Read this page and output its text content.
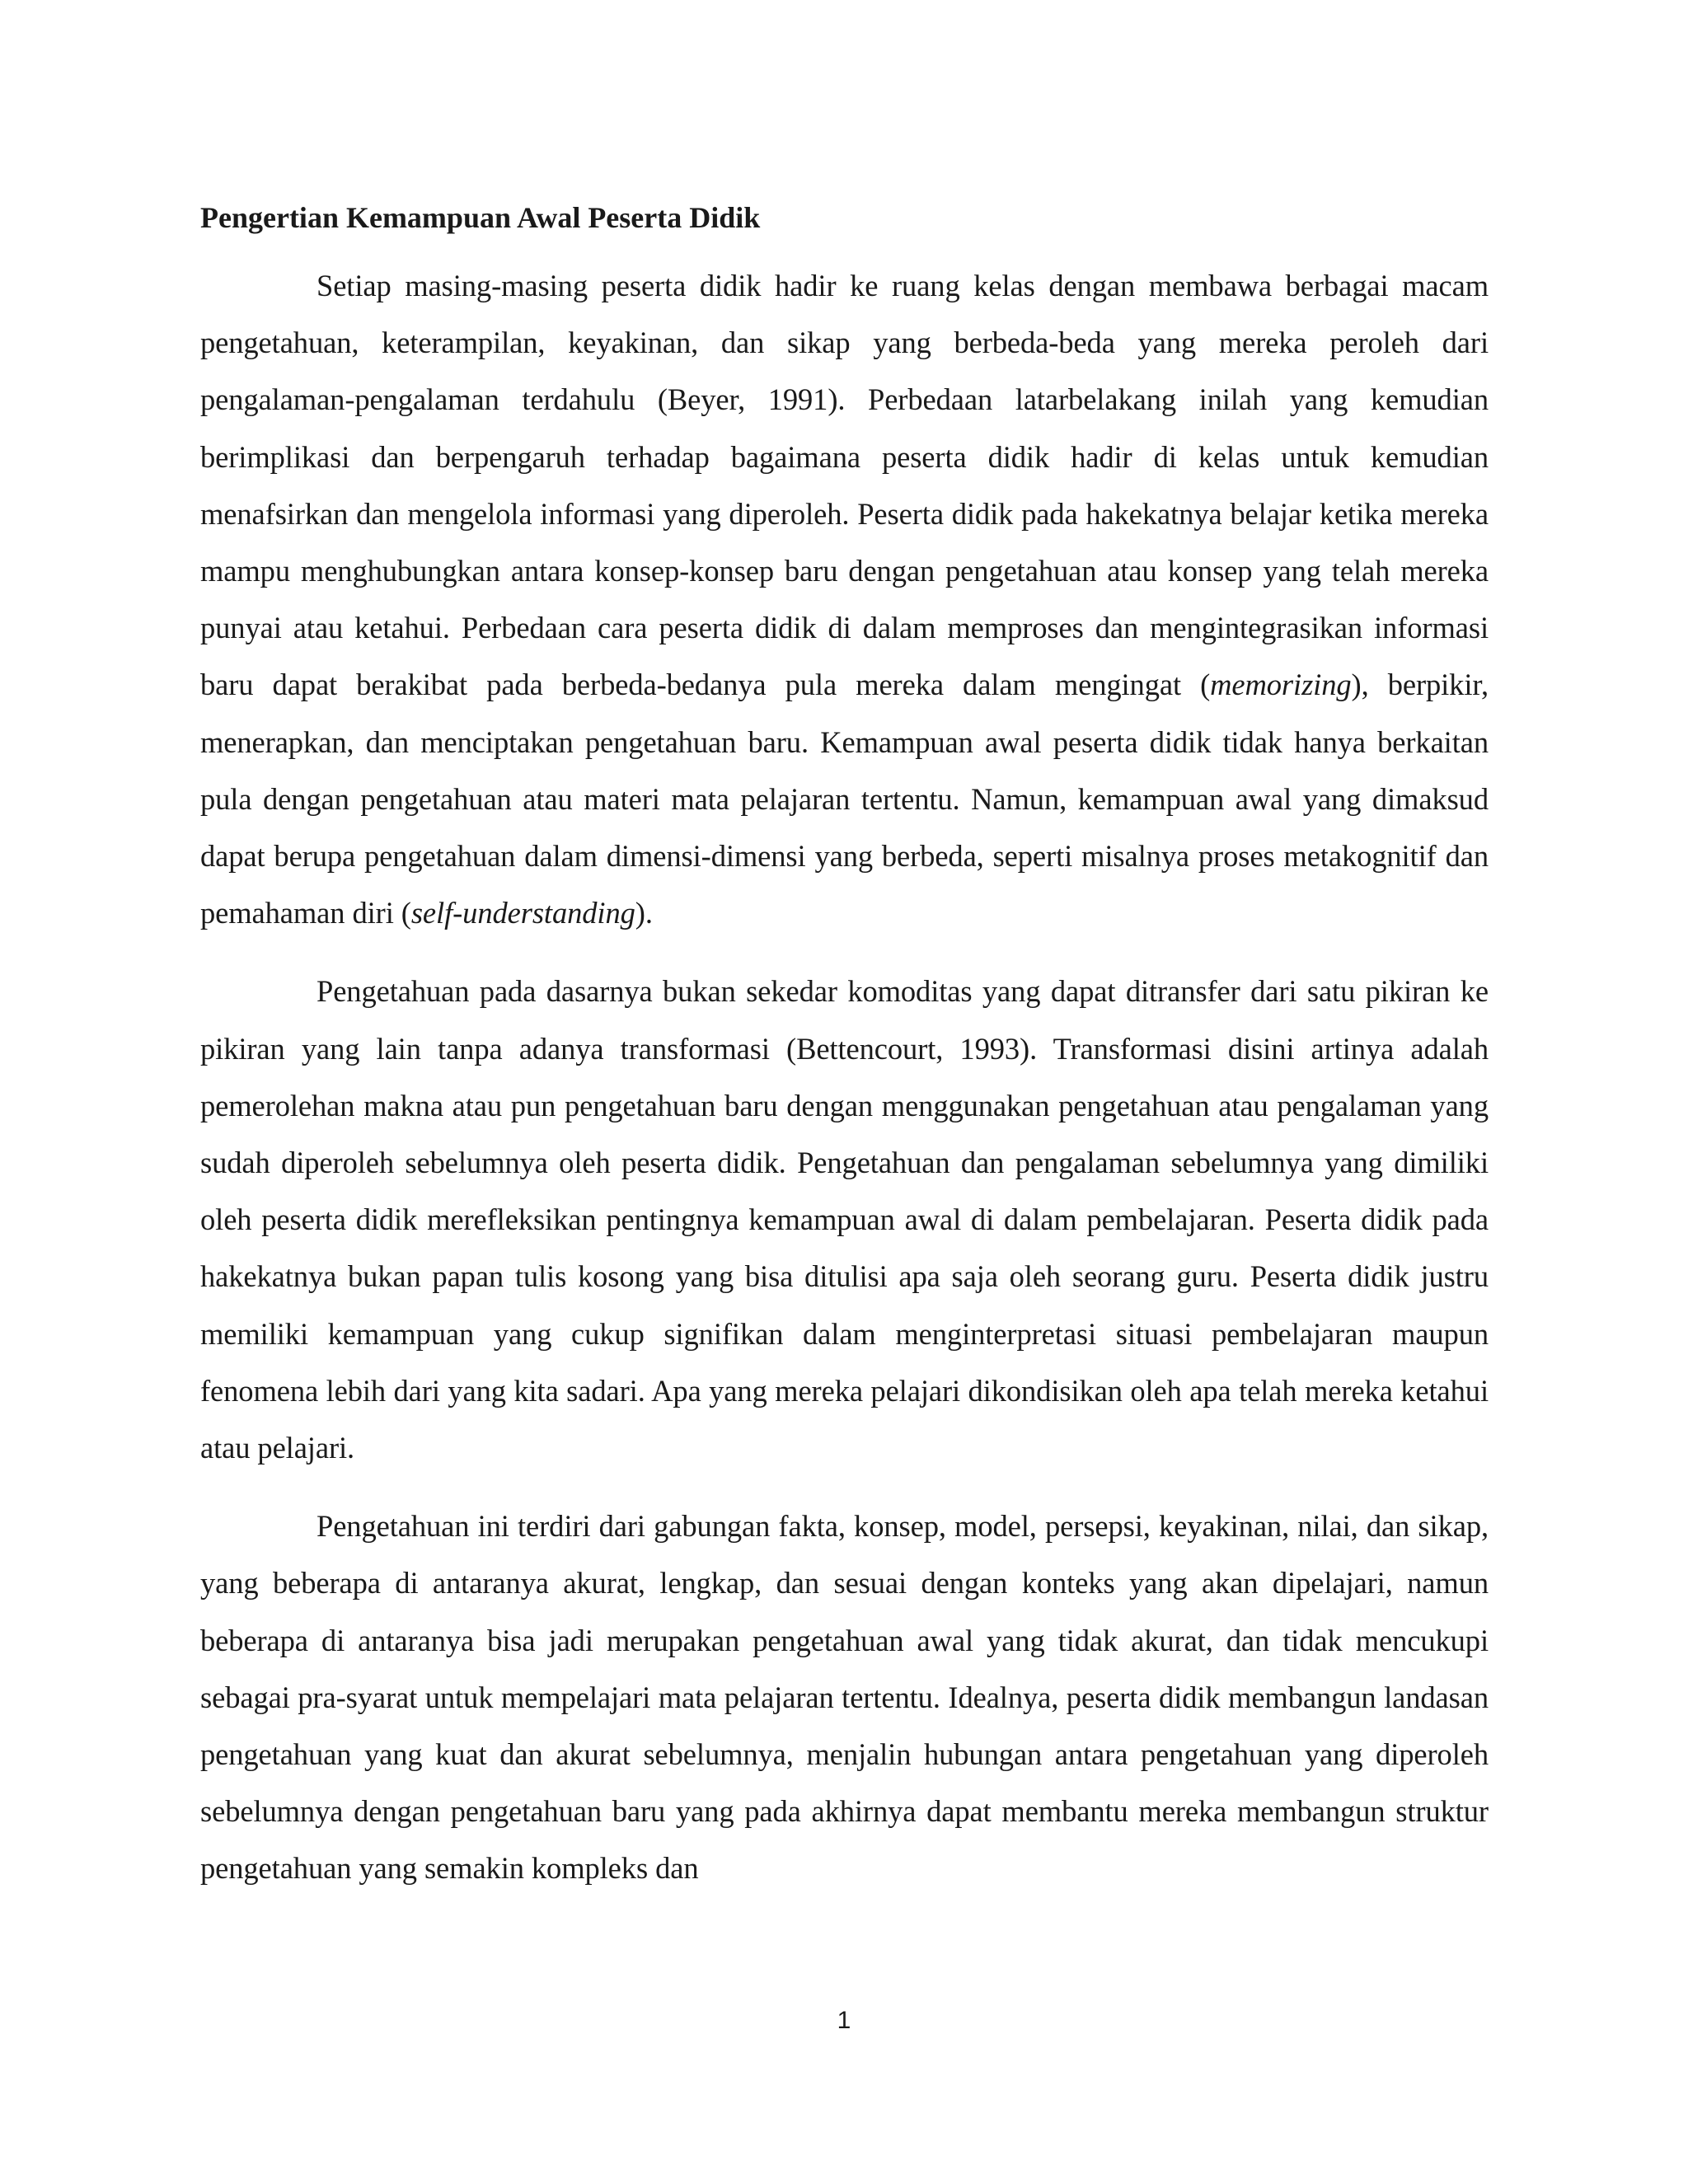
Pengertian Kemampuan Awal Peserta Didik

Setiap masing-masing peserta didik hadir ke ruang kelas dengan membawa berbagai macam pengetahuan, keterampilan, keyakinan, dan sikap yang berbeda-beda yang mereka peroleh dari pengalaman-pengalaman terdahulu (Beyer, 1991). Perbedaan latarbelakang inilah yang kemudian berimplikasi dan berpengaruh terhadap bagaimana peserta didik hadir di kelas untuk kemudian menafsirkan dan mengelola informasi yang diperoleh. Peserta didik pada hakekatnya belajar ketika mereka mampu menghubungkan antara konsep-konsep baru dengan pengetahuan atau konsep yang telah mereka punyai atau ketahui. Perbedaan cara peserta didik di dalam memproses dan mengintegrasikan informasi baru dapat berakibat pada berbeda-bedanya pula mereka dalam mengingat (memorizing), berpikir, menerapkan, dan menciptakan pengetahuan baru. Kemampuan awal peserta didik tidak hanya berkaitan pula dengan pengetahuan atau materi mata pelajaran tertentu. Namun, kemampuan awal yang dimaksud dapat berupa pengetahuan dalam dimensi-dimensi yang berbeda, seperti misalnya proses metakognitif dan pemahaman diri (self-understanding).

Pengetahuan pada dasarnya bukan sekedar komoditas yang dapat ditransfer dari satu pikiran ke pikiran yang lain tanpa adanya transformasi (Bettencourt, 1993). Transformasi disini artinya adalah pemerolehan makna atau pun pengetahuan baru dengan menggunakan pengetahuan atau pengalaman yang sudah diperoleh sebelumnya oleh peserta didik. Pengetahuan dan pengalaman sebelumnya yang dimiliki oleh peserta didik merefleksikan pentingnya kemampuan awal di dalam pembelajaran. Peserta didik pada hakekatnya bukan papan tulis kosong yang bisa ditulisi apa saja oleh seorang guru. Peserta didik justru memiliki kemampuan yang cukup signifikan dalam menginterpretasi situasi pembelajaran maupun fenomena lebih dari yang kita sadari. Apa yang mereka pelajari dikondisikan oleh apa telah mereka ketahui atau pelajari.

Pengetahuan ini terdiri dari gabungan fakta, konsep, model, persepsi, keyakinan, nilai, dan sikap, yang beberapa di antaranya akurat, lengkap, dan sesuai dengan konteks yang akan dipelajari, namun beberapa di antaranya bisa jadi merupakan pengetahuan awal yang tidak akurat, dan tidak mencukupi sebagai pra-syarat untuk mempelajari mata pelajaran tertentu. Idealnya, peserta didik membangun landasan pengetahuan yang kuat dan akurat sebelumnya, menjalin hubungan antara pengetahuan yang diperoleh sebelumnya dengan pengetahuan baru yang pada akhirnya dapat membantu mereka membangun struktur pengetahuan yang semakin kompleks dan

1
